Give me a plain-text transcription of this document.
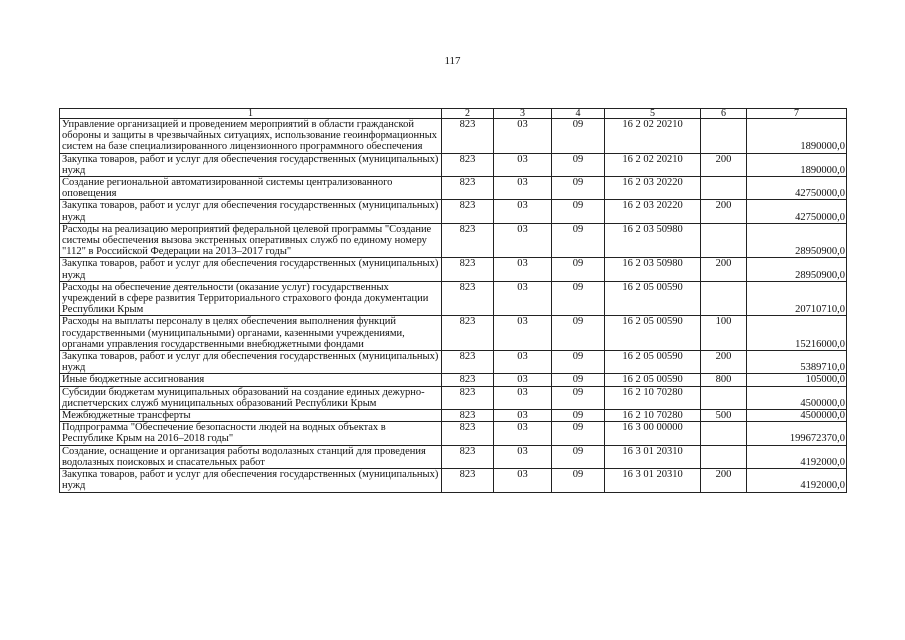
117
1	2	3	4	5	6	7
Управление организацией и проведением мероприятий в области гражданской обороны и защиты в чрезвычайных ситуациях, использование геоинформационных систем на базе специализированного лицензионного программного обеспечения	823	03	09	16 2 02 20210		1890000,0
Закупка товаров, работ и услуг для обеспечения государственных (муниципальных) нужд	823	03	09	16 2 02 20210	200	1890000,0
Создание региональной автоматизированной системы централизованного оповещения	823	03	09	16 2 03 20220		42750000,0
Закупка товаров, работ и услуг для обеспечения государственных (муниципальных) нужд	823	03	09	16 2 03 20220	200	42750000,0
Расходы на реализацию мероприятий федеральной целевой программы "Создание системы обеспечения вызова экстренных оперативных служб по единому номеру "112" в Российской Федерации на 2013–2017 годы"	823	03	09	16 2 03 50980		28950900,0
Закупка товаров, работ и услуг для обеспечения государственных (муниципальных) нужд	823	03	09	16 2 03 50980	200	28950900,0
Расходы на обеспечение деятельности (оказание услуг) государственных учреждений в сфере развития Территориального страхового фонда документации Республики Крым	823	03	09	16 2 05 00590		20710710,0
Расходы на выплаты персоналу в целях обеспечения выполнения функций государственными (муниципальными) органами, казенными учреждениями, органами управления государственными внебюджетными фондами	823	03	09	16 2 05 00590	100	15216000,0
Закупка товаров, работ и услуг для обеспечения государственных (муниципальных) нужд	823	03	09	16 2 05 00590	200	5389710,0
Иные бюджетные ассигнования	823	03	09	16 2 05 00590	800	105000,0
Субсидии бюджетам муниципальных образований на создание единых дежурно-диспетчерских служб муниципальных образований Республики Крым	823	03	09	16 2 10 70280		4500000,0
Межбюджетные трансферты	823	03	09	16 2 10 70280	500	4500000,0
Подпрограмма "Обеспечение безопасности людей на водных объектах в Республике Крым на 2016–2018 годы"	823	03	09	16 3 00 00000		199672370,0
Создание, оснащение и организация работы водолазных станций для проведения водолазных поисковых и спасательных работ	823	03	09	16 3 01 20310		4192000,0
Закупка товаров, работ и услуг для обеспечения государственных (муниципальных) нужд	823	03	09	16 3 01 20310	200	4192000,0
